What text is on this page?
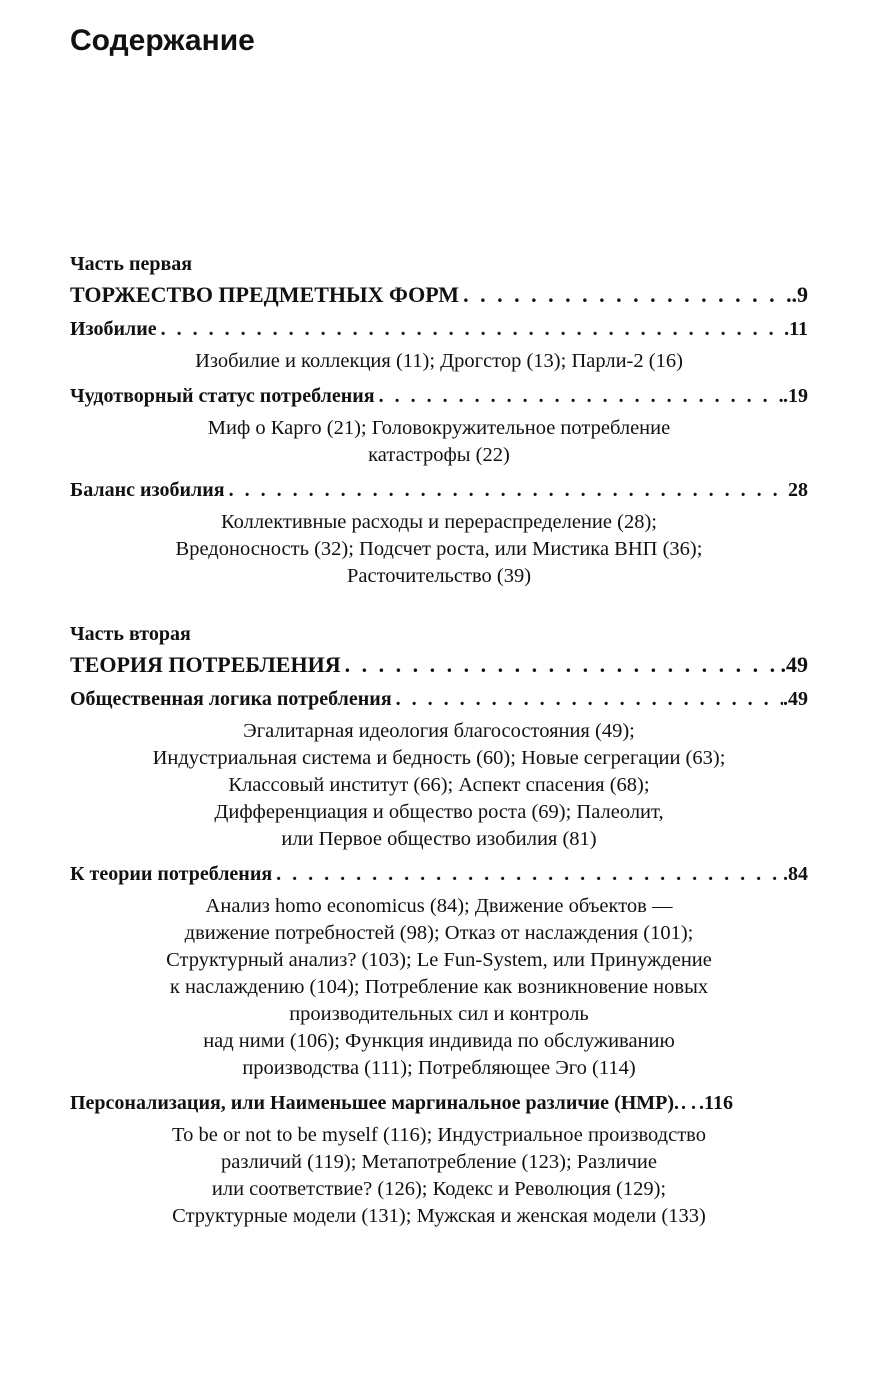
Содержание

Часть первая

ТОРЖЕСТВО ПРЕДМЕТНЫХ ФОРМ . . .	.9
Изобилие . . .	.11
Изобилие и коллекция (11); Дрогстор (13); Парли-2 (16)
Чудотворный статус потребления . . .	.19
Миф о Карго (21); Головокружительное потребление
катастрофы (22)
Баланс изобилия . . .	28
Коллективные расходы и перераспределение (28);
Вредоносность (32); Подсчет роста, или Мистика ВНП (36);
Расточительство (39)

Часть вторая

ТЕОРИЯ ПОТРЕБЛЕНИЯ . . .	.49
Общественная логика потребления . . .	.49
Эгалитарная идеология благосостояния (49);
Индустриальная система и бедность (60); Новые сегрегации (63);
Классовый институт (66); Аспект спасения (68);
Дифференциация и общество роста (69); Палеолит,
или Первое общество изобилия (81)
К теории потребления . . .	.84
Анализ homo economicus (84); Движение объектов —
движение потребностей (98); Отказ от наслаждения (101);
Структурный анализ? (103); Le Fun-System, или Принуждение
к наслаждению (104); Потребление как возникновение новых
производительных сил и контроль
над ними (106); Функция индивида по обслуживанию
производства (111); Потребляющее Эго (114)
Персонализация, или Наименьшее маргинальное различие (НМР). . . . .116
To be or not to be myself (116); Индустриальное производство
различий (119); Метапотребление (123); Различие
или соответствие? (126); Кодекс и Революция (129);
Структурные модели (131); Мужская и женская модели (133)
